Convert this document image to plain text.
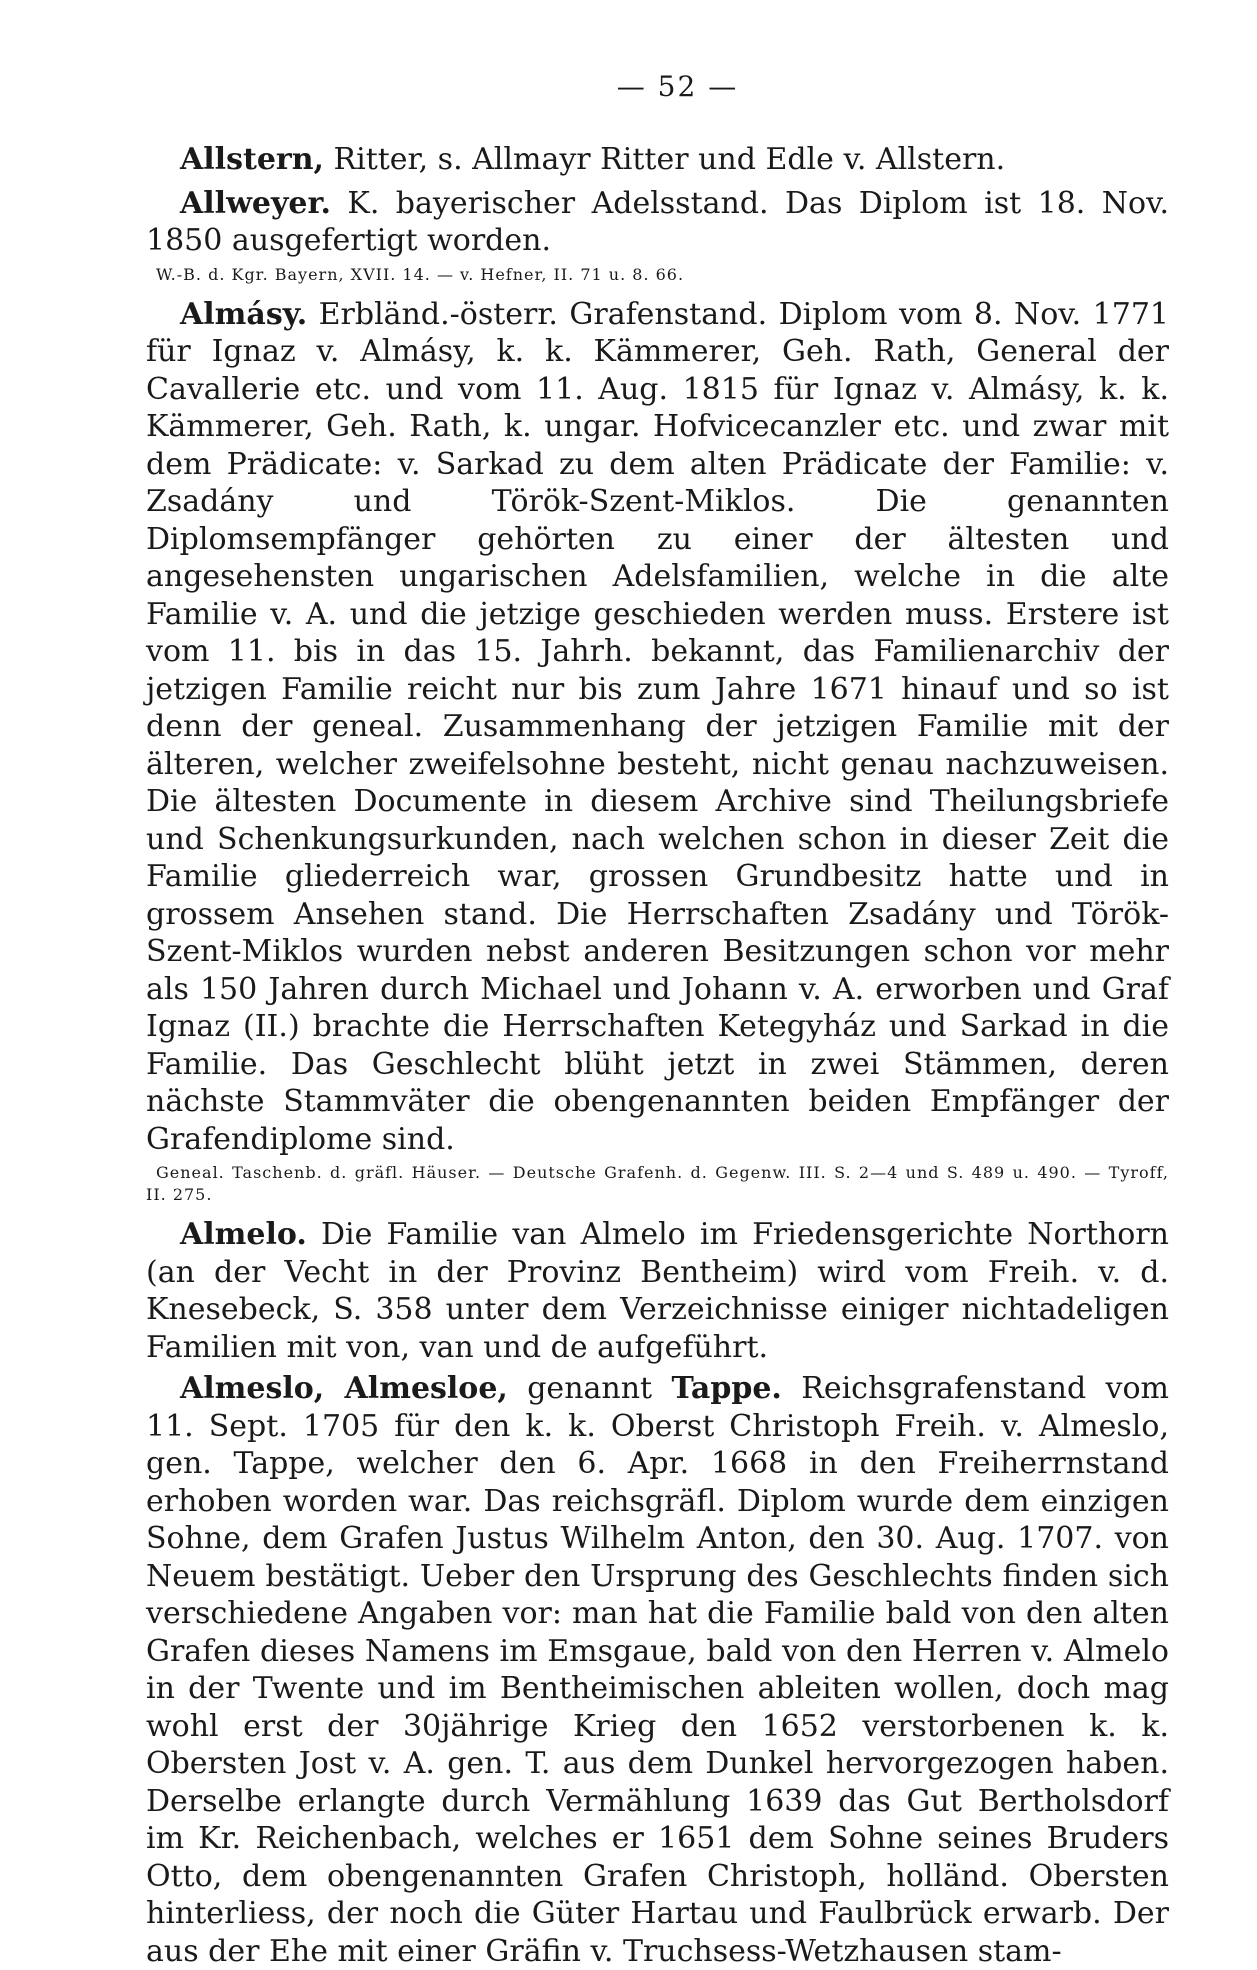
— 52 —

Allstern, Ritter, s. Allmayr Ritter und Edle v. Allstern.

Allweyer. K. bayerischer Adelsstand. Das Diplom ist 18. Nov. 1850 ausgefertigt worden.

W.-B. d. Kgr. Bayern, XVII. 14. — v. Hefner, II. 71 u. 8. 66.

Almásy. Erbländ.-österr. Grafenstand. Diplom vom 8. Nov. 1771 für Ignaz v. Almásy, k. k. Kämmerer, Geh. Rath, General der Cavallerie etc. und vom 11. Aug. 1815 für Ignaz v. Almásy, k. k. Kämmerer, Geh. Rath, k. ungar. Hofvicecanzler etc. und zwar mit dem Prädicate: v. Sarkad zu dem alten Prädicate der Familie: v. Zsadány und Török-Szent-Miklos. Die genannten Diplomsempfänger gehörten zu einer der ältesten und angesehensten ungarischen Adelsfamilien, welche in die alte Familie v. A. und die jetzige geschieden werden muss. Erstere ist vom 11. bis in das 15. Jahrh. bekannt, das Familienarchiv der jetzigen Familie reicht nur bis zum Jahre 1671 hinauf und so ist denn der geneal. Zusammenhang der jetzigen Familie mit der älteren, welcher zweifelsohne besteht, nicht genau nachzuweisen. Die ältesten Documente in diesem Archive sind Theilungsbriefe und Schenkungsurkunden, nach welchen schon in dieser Zeit die Familie gliederreich war, grossen Grundbesitz hatte und in grossem Ansehen stand. Die Herrschaften Zsadány und Török-Szent-Miklos wurden nebst anderen Besitzungen schon vor mehr als 150 Jahren durch Michael und Johann v. A. erworben und Graf Ignaz (II.) brachte die Herrschaften Ketegyház und Sarkad in die Familie. Das Geschlecht blüht jetzt in zwei Stämmen, deren nächste Stammväter die obengenannten beiden Empfänger der Grafendiplome sind.

Geneal. Taschenb. d. gräfl. Häuser. — Deutsche Grafenh. d. Gegenw. III. S. 2—4 und S. 489 u. 490. — Tyroff, II. 275.

Almelo. Die Familie van Almelo im Friedensgerichte Northorn (an der Vecht in der Provinz Bentheim) wird vom Freih. v. d. Knesebeck, S. 358 unter dem Verzeichnisse einiger nichtadeligen Familien mit von, van und de aufgeführt.

Almeslo, Almesloe, genannt Tappe. Reichsgrafenstand vom 11. Sept. 1705 für den k. k. Oberst Christoph Freih. v. Almeslo, gen. Tappe, welcher den 6. Apr. 1668 in den Freiherrnstand erhoben worden war. Das reichsgräfl. Diplom wurde dem einzigen Sohne, dem Grafen Justus Wilhelm Anton, den 30. Aug. 1707. von Neuem bestätigt. Ueber den Ursprung des Geschlechts finden sich verschiedene Angaben vor: man hat die Familie bald von den alten Grafen dieses Namens im Emsgaue, bald von den Herren v. Almelo in der Twente und im Bentheimischen ableiten wollen, doch mag wohl erst der 30jährige Krieg den 1652 verstorbenen k. k. Obersten Jost v. A. gen. T. aus dem Dunkel hervorgezogen haben. Derselbe erlangte durch Vermählung 1639 das Gut Bertholsdorf im Kr. Reichenbach, welches er 1651 dem Sohne seines Bruders Otto, dem obengenannten Grafen Christoph, holländ. Obersten hinterliess, der noch die Güter Hartau und Faulbrück erwarb. Der aus der Ehe mit einer Gräfin v. Truchsess-Wetzhausen stam-
